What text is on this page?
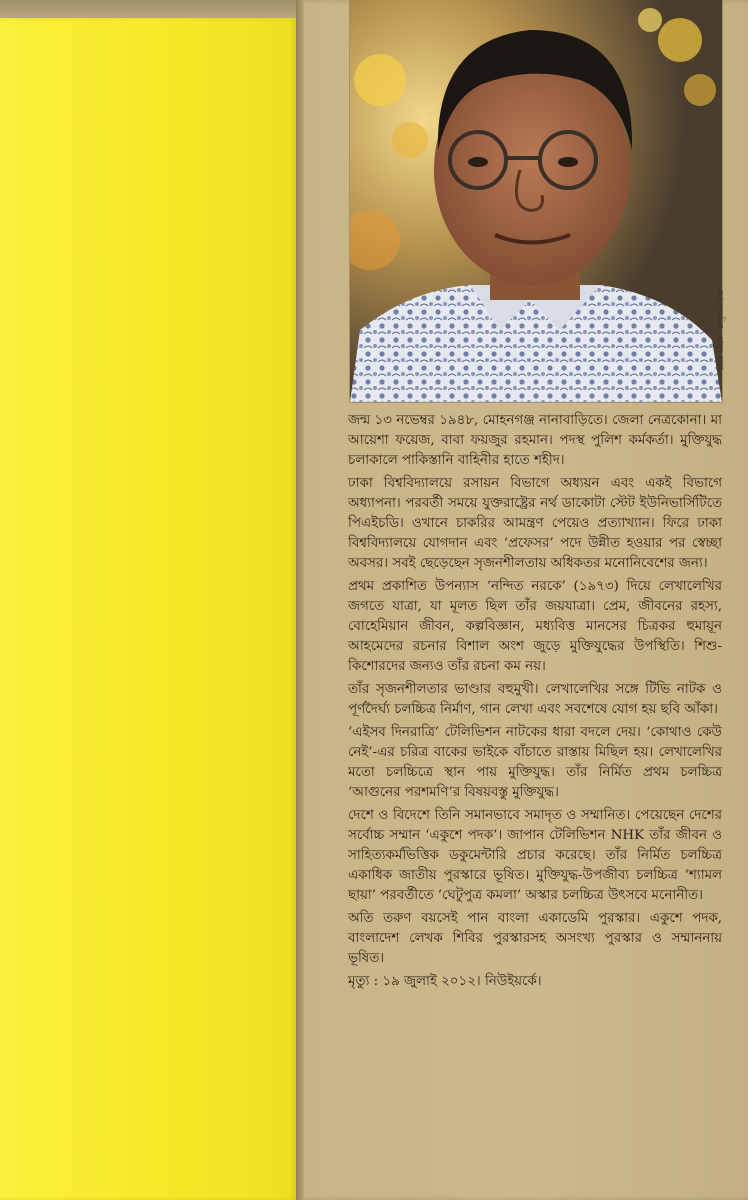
আলোকচিত্র : মাসুদ রানা

জন্ম ১৩ নভেম্বর ১৯৪৮, মোহনগঞ্জ নানাবাড়িতে। জেলা নেত্রকোনা। মা আয়েশা ফয়েজ, বাবা ফয়জুর রহমান। পদস্থ পুলিশ কর্মকর্তা। মুক্তিযুদ্ধ চলাকালে পাকিস্তানি বাহিনীর হাতে শহীদ।

ঢাকা বিশ্ববিদ্যালয়ে রসায়ন বিভাগে অধ্যয়ন এবং একই বিভাগে অধ্যাপনা। পরবর্তী সময়ে যুক্তরাষ্ট্রের নর্থ ডাকোটা স্টেট ইউনিভার্সিটিতে পিএইচডি। ওখানে চাকরির আমন্ত্রণ পেয়েও প্রত্যাখ্যান। ফিরে ঢাকা বিশ্ববিদ্যালয়ে যোগদান এবং ‘প্রফেসর’ পদে উন্নীত হওয়ার পর স্বেচ্ছা অবসর। সবই ছেড়েছেন সৃজনশীলতায় অধিকতর মনোনিবেশের জন্য।

প্রথম প্রকাশিত উপন্যাস ‘নন্দিত নরকে’ (১৯৭৩) দিয়ে লেখালেখির জগতে যাত্রা, যা মূলত ছিল তাঁর জয়যাত্রা। প্রেম, জীবনের রহস্য, বোহেমিয়ান জীবন, কল্পবিজ্ঞান, মধ্যবিত্ত মানসের চিত্রকর হুমায়ূন আহমেদের রচনার বিশাল অংশ জুড়ে মুক্তিযুদ্ধের উপস্থিতি। শিশু-কিশোরদের জন্যও তাঁর রচনা কম নয়।

তাঁর সৃজনশীলতার ভাণ্ডার বহুমুখী। লেখালেখির সঙ্গে টিভি নাটক ও পূর্ণদৈর্ঘ্য চলচ্চিত্র নির্মাণ, গান লেখা এবং সবশেষে যোগ হয় ছবি আঁকা।

‘এইসব দিনরাত্রি’ টেলিভিশন নাটকের ধারা বদলে দেয়। ‘কোথাও কেউ নেই’-এর চরিত্র বাকের ভাইকে বাঁচাতে রাস্তায় মিছিল হয়। লেখালেখির মতো চলচ্চিত্রে স্থান পায় মুক্তিযুদ্ধ। তাঁর নির্মিত প্রথম চলচ্চিত্র ‘আগুনের পরশমণি’র বিষয়বস্তু মুক্তিযুদ্ধ।

দেশে ও বিদেশে তিনি সমানভাবে সমাদৃত ও সম্মানিত। পেয়েছেন দেশের সর্বোচ্চ সম্মান ‘একুশে পদক’। জাপান টেলিভিশন NHK তাঁর জীবন ও সাহিত্যকর্মভিত্তিক ডকুমেন্টারি প্রচার করেছে। তাঁর নির্মিত চলচ্চিত্র একাধিক জাতীয় পুরস্কারে ভূষিত। মুক্তিযুদ্ধ-উপজীব্য চলচ্চিত্র ‘শ্যামল ছায়া’ পরবর্তীতে ‘ঘেটুপুত্র কমলা’ অস্কার চলচ্চিত্র উৎসবে মনোনীত।

অতি তরুণ বয়সেই পান বাংলা একাডেমি পুরস্কার। একুশে পদক, বাংলাদেশ লেখক শিবির পুরস্কারসহ অসংখ্য পুরস্কার ও সম্মাননায় ভূষিত।

মৃত্যু : ১৯ জুলাই ২০১২। নিউইয়র্কে।
